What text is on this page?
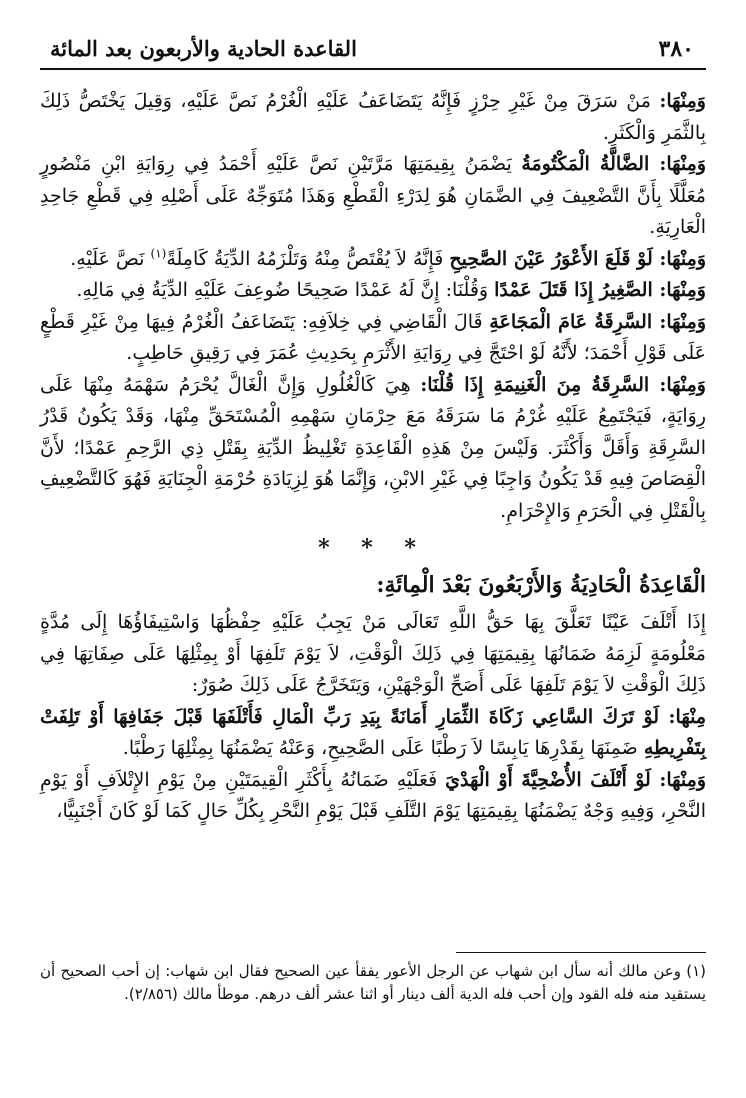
٣٨٠
القاعدة الحادية والأربعون بعد المائة

وَمِنْهَا: مَنْ سَرَقَ مِنْ غَيْرِ حِرْزٍ فَإِنَّهُ يَتَضَاعَفُ عَلَيْهِ الْغُرْمُ نَصَّ عَلَيْهِ، وَقِيلَ يَخْتَصُّ ذَلِكَ بِالثَّمَرِ وَالْكَثَرِ.

وَمِنْهَا: الضَّالَّةُ الْمَكْتُومَةُ يَضْمَنُ بِقِيمَتِهَا مَرَّتَيْنِ نَصَّ عَلَيْهِ أَحْمَدُ فِي رِوَايَةِ ابْنِ مَنْصُورٍ مُعَلَّلًا بِأَنَّ التَّضْعِيفَ فِي الضَّمَانِ هُوَ لِدَرْءِ الْقَطْعِ وَهَذَا مُتَوَجِّهٌ عَلَى أَصْلِهِ فِي قَطْعِ جَاحِدِ الْعَارِيَةِ.

وَمِنْهَا: لَوْ قَلَعَ الأَعْوَرُ عَيْنَ الصَّحِيحِ فَإِنَّهُ لاَ يُقْتَصُّ مِنْهُ وَتَلْزَمُهُ الدِّيَةُ كَامِلَةً$^{(١)}$ نَصَّ عَلَيْهِ.

وَمِنْهَا: الصَّغِيرُ إِذَا قَتَلَ عَمْدًا وَقُلْنَا: إِنَّ لَهُ عَمْدًا صَحِيحًا ضُوعِفَ عَلَيْهِ الدِّيَةُ فِي مَالِهِ.

وَمِنْهَا: السَّرِقَةُ عَامَ الْمَجَاعَةِ قَالَ الْقَاضِي فِي خِلاَفِهِ: يَتَضَاعَفُ الْغُرْمُ فِيهَا مِنْ غَيْرِ قَطْعٍ عَلَى قَوْلِ أَحْمَدَ؛ لأَنَّهُ لَوْ احْتَجَّ فِي رِوَايَةِ الأَثْرَمِ بِحَدِيثِ عُمَرَ فِي رَقِيقِ حَاطِبٍ.

وَمِنْهَا: السَّرِقَةُ مِنَ الْغَنِيمَةِ إِذَا قُلْنَا: هِيَ كَالْغُلُولِ وَإِنَّ الْغَالَّ يُحْرَمُ سَهْمَهُ مِنْهَا عَلَى رِوَايَةٍ، فَيَجْتَمِعُ عَلَيْهِ غُرْمُ مَا سَرَقَهُ مَعَ حِرْمَانِ سَهْمِهِ الْمُسْتَحَقِّ مِنْهَا، وَقَدْ يَكُونُ قَدْرُ السَّرِقَةِ وَأَقَلَّ وَأَكْثَرَ. وَلَيْسَ مِنْ هَذِهِ الْقَاعِدَةِ تَغْلِيظُ الدِّيَةِ بِقَتْلِ ذِي الرَّحِمِ عَمْدًا؛ لأَنَّ الْقِصَاصَ فِيهِ قَدْ يَكُونُ وَاجِبًا فِي غَيْرِ الابْنِ، وَإِنَّمَا هُوَ لِزِيَادَةِ حُرْمَةِ الْجِنَايَةِ فَهُوَ كَالتَّضْعِيفِ بِالْقَتْلِ فِي الْحَرَمِ وَالإِحْرَامِ.

* * *
الْقَاعِدَةُ الْحَادِيَةُ وَالأَرْبَعُونَ بَعْدَ الْمِائَةِ:

إِذَا أَتْلَفَ عَيْنًا تَعَلَّقَ بِهَا حَقُّ اللَّهِ تَعَالَى مَنْ يَجِبُ عَلَيْهِ حِفْظُهَا وَاسْتِيفَاؤُهَا إِلَى مُدَّةٍ مَعْلُومَةٍ لَزِمَهُ ضَمَانُهَا بِقِيمَتِهَا فِي ذَلِكَ الْوَقْتِ، لاَ يَوْمَ تَلَفِهَا أَوْ بِمِثْلِهَا عَلَى صِفَاتِهَا فِي ذَلِكَ الْوَقْتِ لاَ يَوْمَ تَلَفِهَا عَلَى أَصَحِّ الْوَجْهَيْنِ، وَيَتَخَرَّجُ عَلَى ذَلِكَ صُوَرٌ:

مِنْهَا: لَوْ تَرَكَ السَّاعِي زَكَاةَ الثِّمَارِ أَمَانَةً بِيَدِ رَبِّ الْمَالِ فَأَتْلَفَهَا قَبْلَ جَفَافِهَا أَوْ تَلِفَتْ بِتَفْرِيطِهِ ضَمِنَهَا بِقَدْرِهَا يَابِسًا لاَ رَطْبًا عَلَى الصَّحِيحِ، وَعَنْهُ يَضْمَنُهَا بِمِثْلِهَا رَطْبًا.

وَمِنْهَا: لَوْ أَتْلَفَ الأُضْحِيَّةَ أَوْ الْهَدْيَ فَعَلَيْهِ ضَمَانُهُ بِأَكْثَرِ الْقِيمَتَيْنِ مِنْ يَوْمِ الإِتْلاَفِ أَوْ يَوْمِ النَّحْرِ، وَفِيهِ وَجْهٌ يَضْمَنُهَا بِقِيمَتِهَا يَوْمَ التَّلَفِ قَبْلَ يَوْمِ النَّحْرِ بِكُلِّ حَالٍ كَمَا لَوْ كَانَ أَجْنَبِيًّا،

(١) وعن مالك أنه سأل ابن شهاب عن الرجل الأعور يفقأ عين الصحيح فقال ابن شهاب: إن أحب الصحيح أن يستقيد منه فله القود وإن أحب فله الدية ألف دينار أو اثنا عشر ألف درهم. موطأ مالك (٢/٨٥٦).
